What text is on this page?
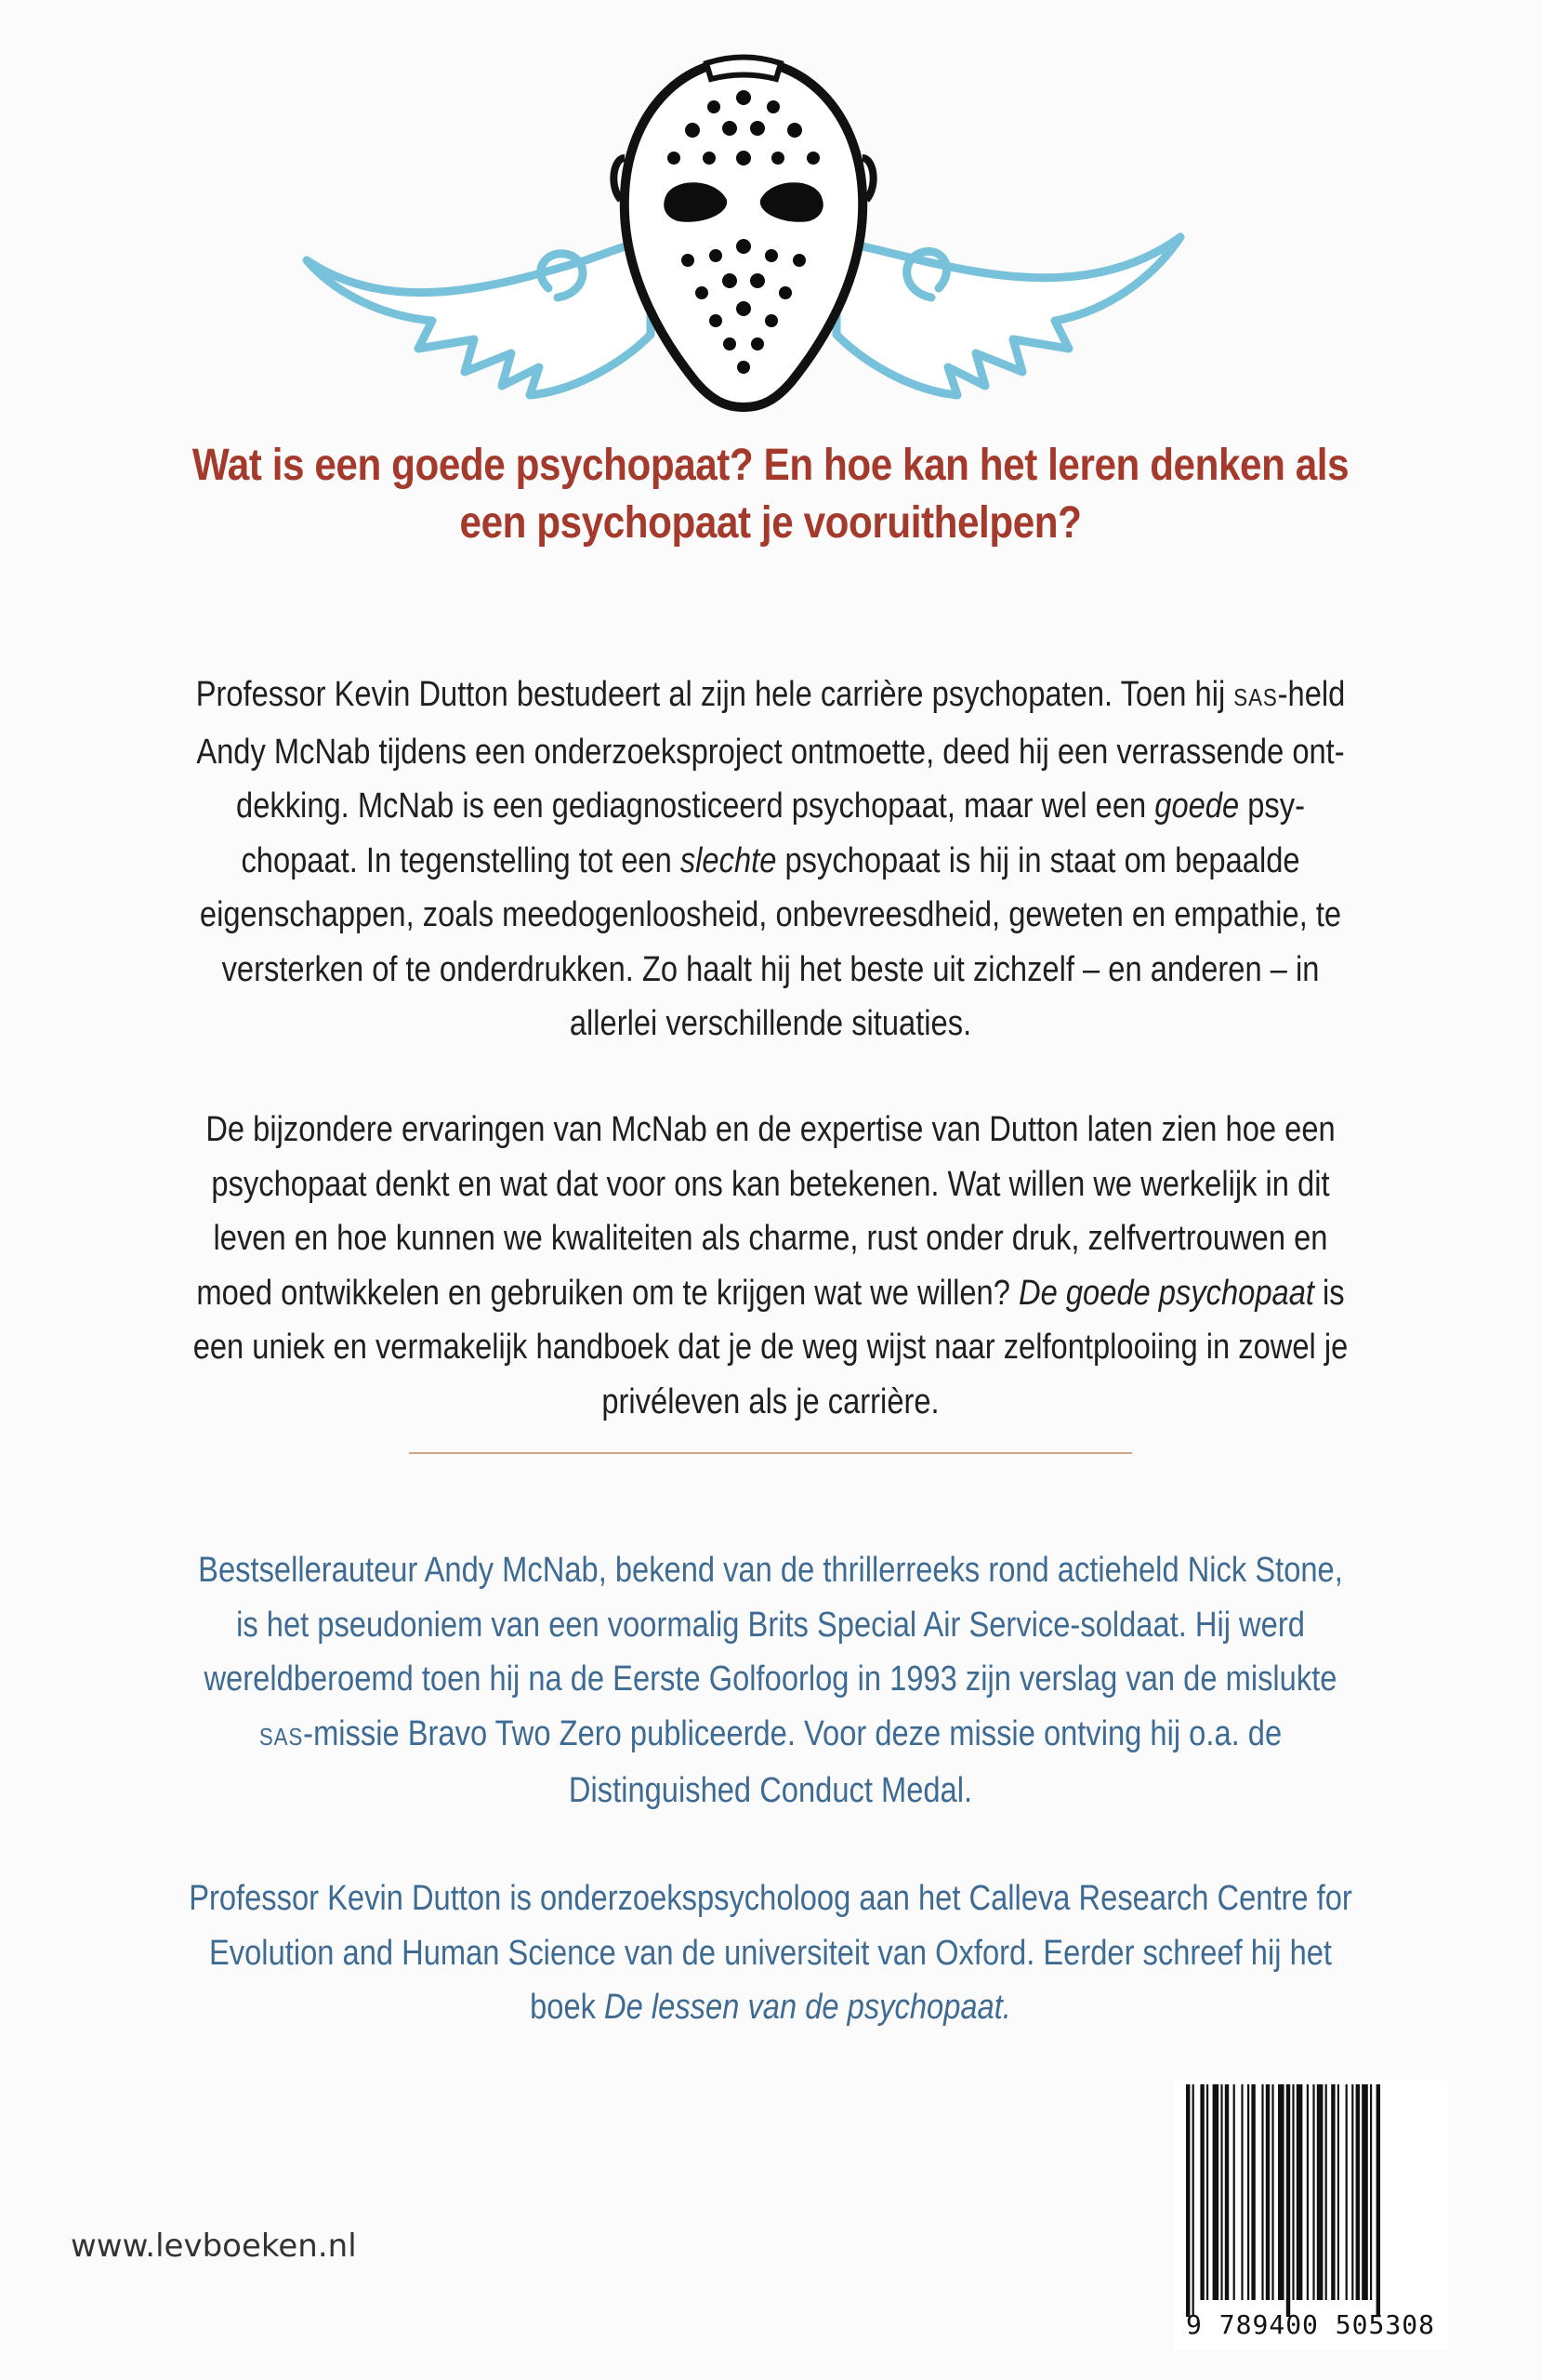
Wat is een goede psychopaat? En hoe kan het leren denken als een psychopaat je vooruithelpen?

Professor Kevin Dutton bestudeert al zijn hele carrière psychopaten. Toen hij SAS-held Andy McNab tijdens een onderzoeksproject ontmoette, deed hij een verrassende ontdekking. McNab is een gediagnosticeerd psychopaat, maar wel een goede psychopaat. In tegenstelling tot een slechte psychopaat is hij in staat om bepaalde eigenschappen, zoals meedogenloosheid, onbevreesdheid, geweten en empathie, te versterken of te onderdrukken. Zo haalt hij het beste uit zichzelf – en anderen – in allerlei verschillende situaties.

De bijzondere ervaringen van McNab en de expertise van Dutton laten zien hoe een psychopaat denkt en wat dat voor ons kan betekenen. Wat willen we werkelijk in dit leven en hoe kunnen we kwaliteiten als charme, rust onder druk, zelfvertrouwen en moed ontwikkelen en gebruiken om te krijgen wat we willen? De goede psychopaat is een uniek en vermakelijk handboek dat je de weg wijst naar zelfontplooiing in zowel je privéleven als je carrière.

Bestsellerauteur Andy McNab, bekend van de thrillerreeks rond actieheld Nick Stone, is het pseudoniem van een voormalig Brits Special Air Service-soldaat. Hij werd wereldberoemd toen hij na de Eerste Golfoorlog in 1993 zijn verslag van de mislukte SAS-missie Bravo Two Zero publiceerde. Voor deze missie ontving hij o.a. de Distinguished Conduct Medal.

Professor Kevin Dutton is onderzoekspsycholoog aan het Calleva Research Centre for Evolution and Human Science van de universiteit van Oxford. Eerder schreef hij het boek De lessen van de psychopaat.

9 789400 505308
www.levboeken.nl
